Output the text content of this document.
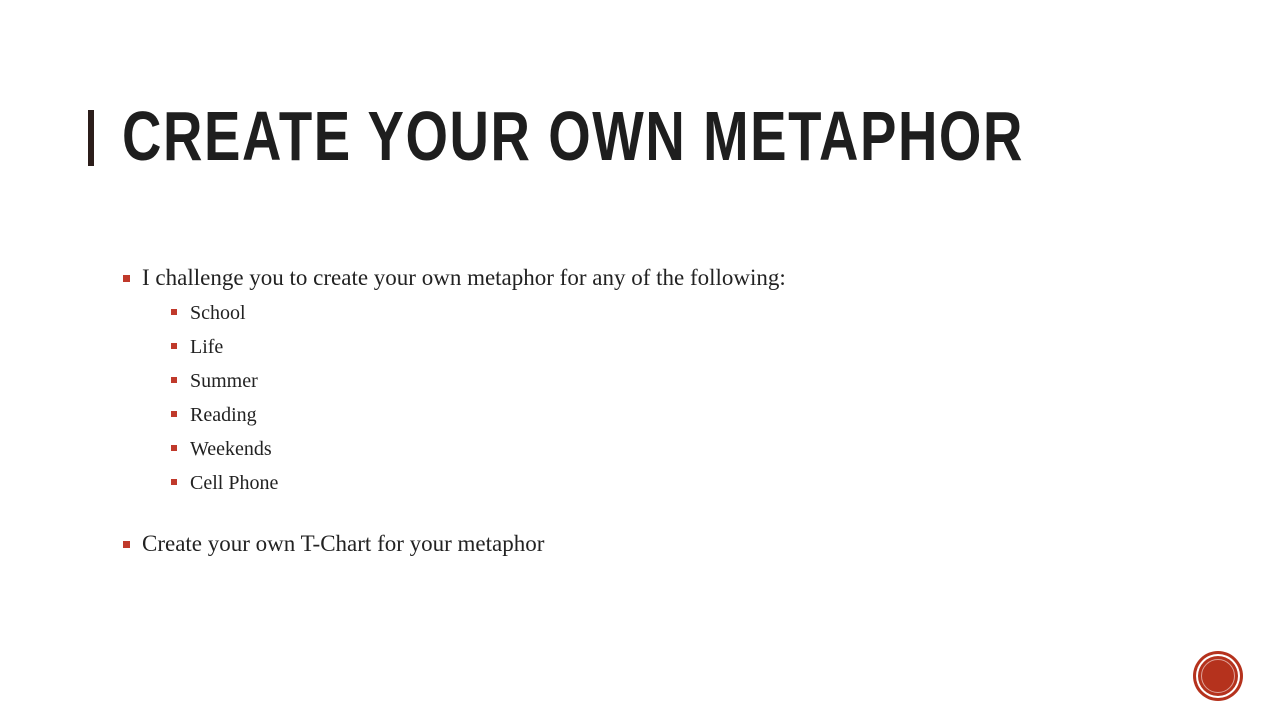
CREATE YOUR OWN METAPHOR
I challenge you to create your own metaphor for any of the following:
School
Life
Summer
Reading
Weekends
Cell Phone
Create your own T-Chart for your metaphor
